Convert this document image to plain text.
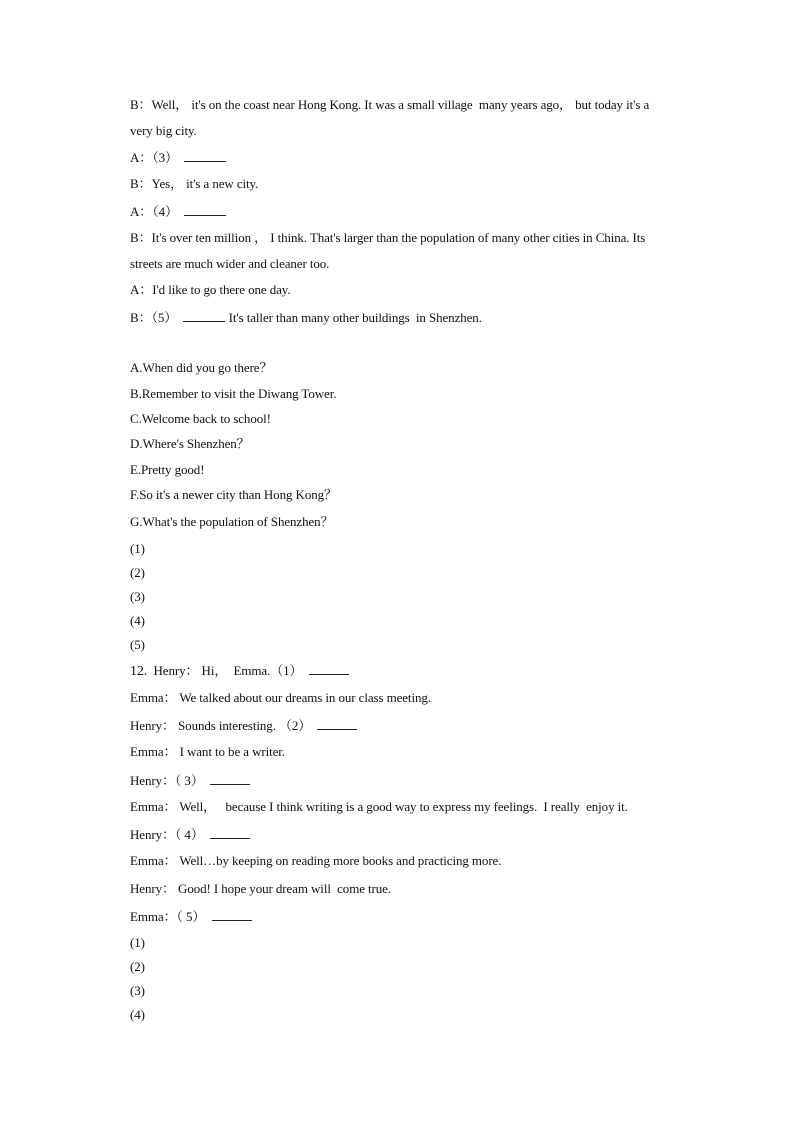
B：Well， it's on the coast near Hong Kong. It was a small village  many years ago， but today it's a
very big city.
A：（3）
B：Yes， it's a new city.
A：（4）
B：It's over ten million ， I think. That's larger than the population of many other cities in China. Its
streets are much wider and cleaner too.
A：I'd like to go there one day.
B：（5）	It's taller than many other buildings  in Shenzhen.
A.When did you go there？
B.Remember to visit the Diwang Tower.
C.Welcome back to school!
D.Where's Shenzhen？
E.Pretty good!
F.So it's a newer city than Hong Kong？
G.What's the population of Shenzhen？
(1)
(2)
(3)
(4)
(5)
12. Henry： Hi，  Emma.（1）
Emma： We talked about our dreams in our class meeting.
Henry： Sounds interesting. （2）
Emma： I want to be a writer.
Henry：（ 3）
Emma： Well，   because I think writing is a good way to express my feelings.  I really  enjoy it.
Henry：（ 4）
Emma： Well…by keeping on reading more books and practicing more.
Henry： Good! I hope your dream will  come true.
Emma：（ 5）
(1)
(2)
(3)
(4)
